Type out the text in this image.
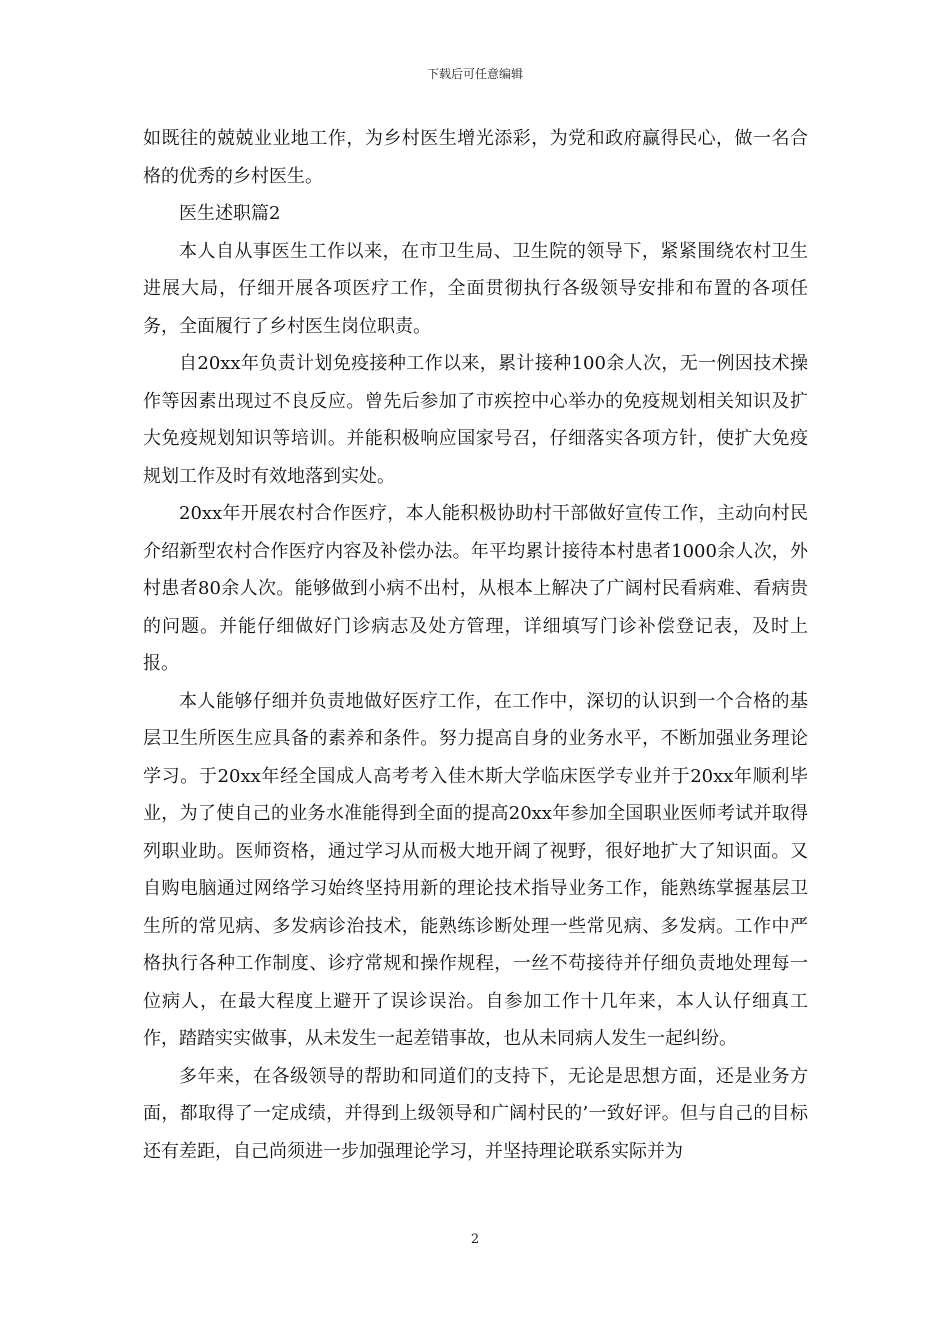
下载后可任意编辑

如既往的兢兢业业地工作，为乡村医生增光添彩，为党和政府赢得民心，做一名合格的优秀的乡村医生。

医生述职篇2

本人自从事医生工作以来，在市卫生局、卫生院的领导下，紧紧围绕农村卫生进展大局，仔细开展各项医疗工作，全面贯彻执行各级领导安排和布置的各项任务，全面履行了乡村医生岗位职责。

自20xx年负责计划免疫接种工作以来，累计接种100余人次，无一例因技术操作等因素出现过不良反应。曾先后参加了市疾控中心举办的免疫规划相关知识及扩大免疫规划知识等培训。并能积极响应国家号召，仔细落实各项方针，使扩大免疫规划工作及时有效地落到实处。

20xx年开展农村合作医疗，本人能积极协助村干部做好宣传工作，主动向村民介绍新型农村合作医疗内容及补偿办法。年平均累计接待本村患者1000余人次，外村患者80余人次。能够做到小病不出村，从根本上解决了广阔村民看病难、看病贵的问题。并能仔细做好门诊病志及处方管理，详细填写门诊补偿登记表，及时上报。

本人能够仔细并负责地做好医疗工作，在工作中，深切的认识到一个合格的基层卫生所医生应具备的素养和条件。努力提高自身的业务水平，不断加强业务理论学习。于20xx年经全国成人高考考入佳木斯大学临床医学专业并于20xx年顺利毕业，为了使自己的业务水准能得到全面的提高20xx年参加全国职业医师考试并取得列职业助。医师资格，通过学习从而极大地开阔了视野，很好地扩大了知识面。又自购电脑通过网络学习始终坚持用新的理论技术指导业务工作，能熟练掌握基层卫生所的常见病、多发病诊治技术，能熟练诊断处理一些常见病、多发病。工作中严格执行各种工作制度、诊疗常规和操作规程，一丝不苟接待并仔细负责地处理每一位病人，在最大程度上避开了误诊误治。自参加工作十几年来，本人认仔细真工作，踏踏实实做事，从未发生一起差错事故，也从未同病人发生一起纠纷。

多年来，在各级领导的帮助和同道们的支持下，无论是思想方面，还是业务方面，都取得了一定成绩，并得到上级领导和广阔村民的’一致好评。但与自己的目标还有差距，自己尚须进一步加强理论学习，并坚持理论联系实际并为

2
